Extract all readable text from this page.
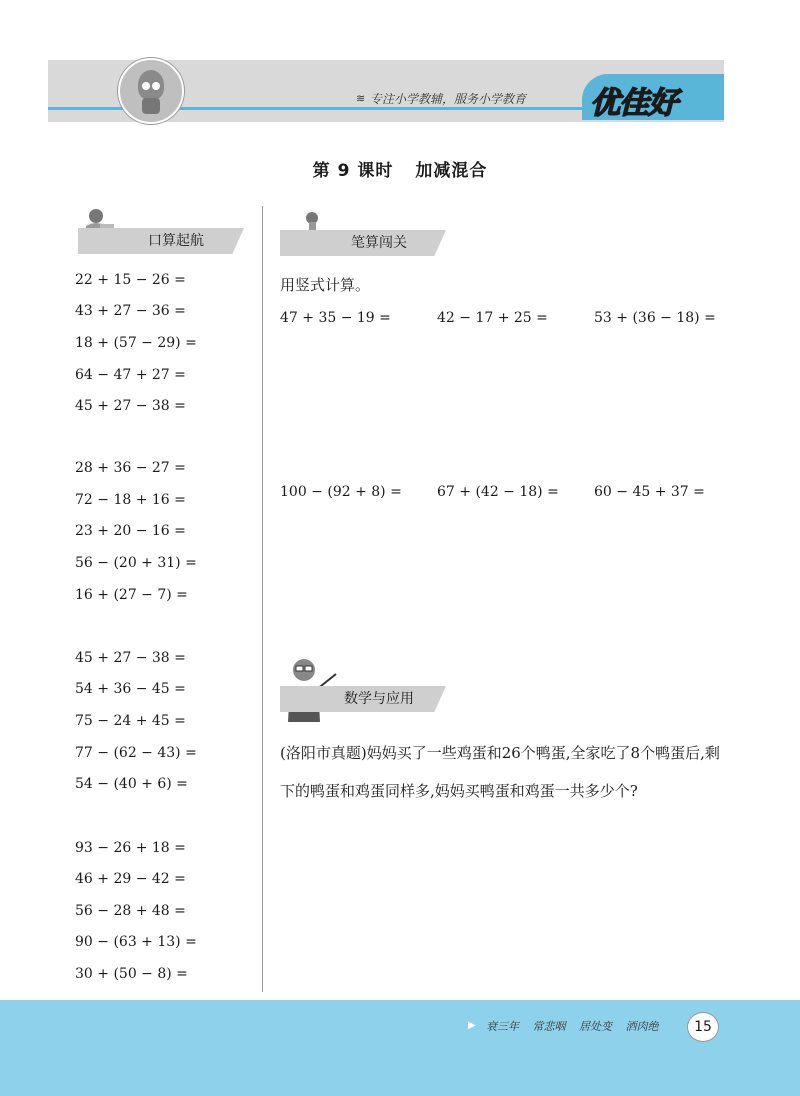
≋ 专注小学教辅，服务小学教育 优佳好
第 9 课时 加减混合
口算起航	笔算闯关
22 + 15 − 26 =
43 + 27 − 36 =
18 + (57 − 29) =
64 − 47 + 27 =
45 + 27 − 38 =
28 + 36 − 27 =
72 − 18 + 16 =
23 + 20 − 16 =
56 − (20 + 31) =
16 + (27 − 7) =
45 + 27 − 38 =
54 + 36 − 45 =
75 − 24 + 45 =
77 − (62 − 43) =
54 − (40 + 6) =
93 − 26 + 18 =
46 + 29 − 42 =
56 − 28 + 48 =
90 − (63 + 13) =
30 + (50 − 8) =
用竖式计算。
47 + 35 − 19 =	42 − 17 + 25 =	53 + (36 − 18) =
100 − (92 + 8) =	67 + (42 − 18) =	60 − 45 + 37 =
数学与应用
(洛阳市真题)妈妈买了一些鸡蛋和26个鸭蛋,全家吃了8个鸭蛋后,剩下的鸭蛋和鸡蛋同样多,妈妈买鸭蛋和鸡蛋一共多少个?
▶ 衰三年 常悲咽 居处变 酒肉绝	15
